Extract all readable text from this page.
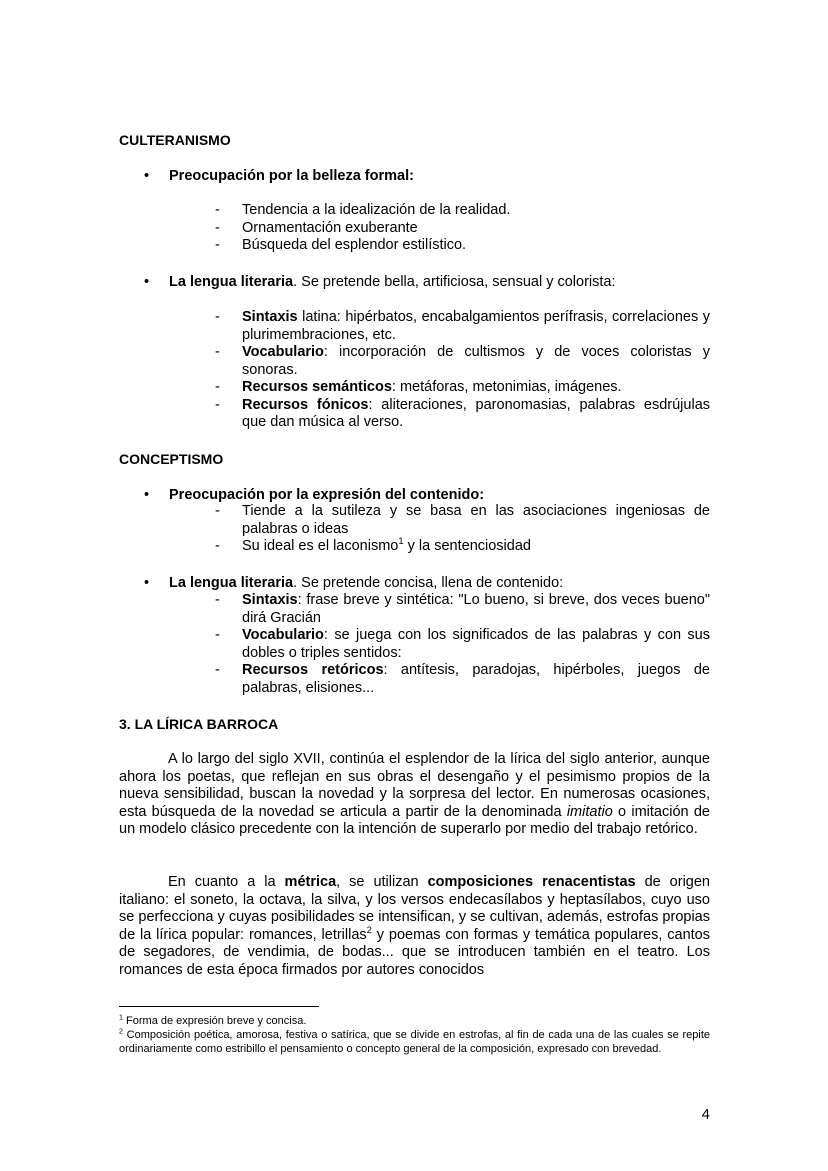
CULTERANISMO

• Preocupación por la belleza formal:
- Tendencia a la idealización de la realidad.
- Ornamentación exuberante
- Búsqueda del esplendor estilístico.
• La lengua literaria. Se pretende bella, artificiosa, sensual y colorista:
- Sintaxis latina: hipérbatos, encabalgamientos perífrasis, correlaciones y plurimembraciones, etc.
- Vocabulario: incorporación de cultismos y de voces coloristas y sonoras.
- Recursos semánticos: metáforas, metonimias, imágenes.
- Recursos fónicos: aliteraciones, paronomasias, palabras esdrújulas que dan música al verso.

CONCEPTISMO

• Preocupación por la expresión del contenido:
- Tiende a la sutileza y se basa en las asociaciones ingeniosas de palabras o ideas
- Su ideal es el laconismo$^1$ y la sentenciosidad
• La lengua literaria. Se pretende concisa, llena de contenido:
- Sintaxis: frase breve y sintética: "Lo bueno, si breve, dos veces bueno" dirá Gracián
- Vocabulario: se juega con los significados de las palabras y con sus dobles o triples sentidos:
- Recursos retóricos: antítesis, paradojas, hipérboles, juegos de palabras, elisiones...

3. LA LÍRICA BARROCA

A lo largo del siglo XVII, continúa el esplendor de la lírica del siglo anterior, aunque ahora los poetas, que reflejan en sus obras el desengaño y el pesimismo propios de la nueva sensibilidad, buscan la novedad y la sorpresa del lector. En numerosas ocasiones, esta búsqueda de la novedad se articula a partir de la denominada imitatio o imitación de un modelo clásico precedente con la intención de superarlo por medio del trabajo retórico.

En cuanto a la métrica, se utilizan composiciones renacentistas de origen italiano: el soneto, la octava, la silva, y los versos endecasílabos y heptasílabos, cuyo uso se perfecciona y cuyas posibilidades se intensifican, y se cultivan, además, estrofas propias de la lírica popular: romances, letrillas$^2$ y poemas con formas y temática populares, cantos de segadores, de vendimia, de bodas... que se introducen también en el teatro. Los romances de esta época firmados por autores conocidos

$^1$ Forma de expresión breve y concisa.

$^2$ Composición poética, amorosa, festiva o satírica, que se divide en estrofas, al fin de cada una de las cuales se repite ordinariamente como estribillo el pensamiento o concepto general de la composición, expresado con brevedad.

4
